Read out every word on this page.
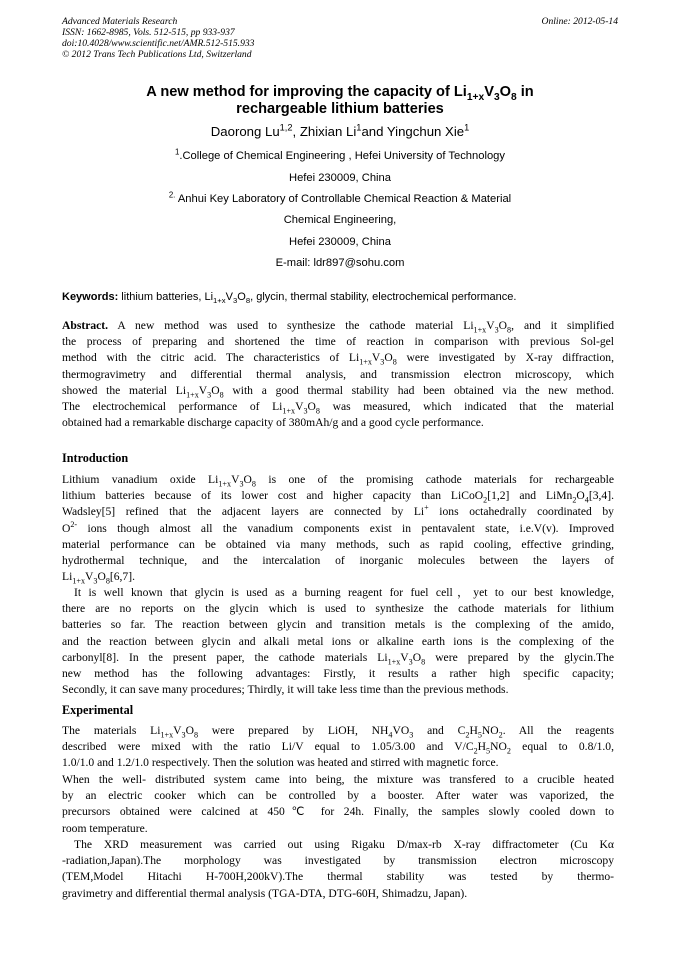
Advanced Materials Research
ISSN: 1662-8985, Vols. 512-515, pp 933-937
doi:10.4028/www.scientific.net/AMR.512-515.933
© 2012 Trans Tech Publications Ltd, Switzerland
Online: 2012-05-14
A new method for improving the capacity of $Li_{1+x}V_3O_8$ in
rechargeable lithium batteries
Daorong Lu$^{1,2}$, Zhixian Li$^1$and Yingchun Xie$^1$
$^1$.College of Chemical Engineering , Hefei University of Technology
Hefei 230009, China
$^{2.}$ Anhui Key Laboratory of Controllable Chemical Reaction & Material
Chemical Engineering,
Hefei 230009, China
E-mail: ldr897@sohu.com
Keywords: lithium batteries, $Li_{1+x}V_3O_8$, glycin, thermal stability, electrochemical performance.
Abstract. A new method was used to synthesize the cathode material $Li_{1+x}V_3O_8$, and it simplified
the process of preparing and shortened the time of reaction in comparison with previous Sol-gel
method with the citric acid. The characteristics of $Li_{1+x}V_3O_8$ were investigated by X-ray diffraction,
thermogravimetry and differential thermal analysis, and transmission electron microscopy, which
showed the material $Li_{1+x}V_3O_8$ with a good thermal stability had been obtained via the new method.
The electrochemical performance of $Li_{1+x}V_3O_8$ was measured, which indicated that the material
obtained had a remarkable discharge capacity of 380mAh/g and a good cycle performance.
Introduction
Lithium vanadium oxide $Li_{1+x}V_3O_8$ is one of the promising cathode materials for rechargeable
lithium batteries because of its lower cost and higher capacity than LiCoO$_2$[1,2] and $LiMn_2O_4[3,4]$.
Wadsley[5] refined that the adjacent layers are connected by Li+ ions octahedrally coordinated by
$O^{2-}$ ions though almost all the vanadium components exist in pentavalent state, i.e.V(v). Improved
material performance can be obtained via many methods, such as rapid cooling, effective grinding,
hydrothermal technique, and the intercalation of inorganic molecules between the layers of
$Li_{1+x}V_3O_8[6,7]$.
It is well known that glycin is used as a burning reagent for fuel cell，yet to our best knowledge,
there are no reports on the glycin which is used to synthesize the cathode materials for lithium
batteries so far. The reaction between glycin and transition metals is the complexing of the amido,
and the reaction between glycin and alkali metal ions or alkaline earth ions is the complexing of the
carbonyl[8]. In the present paper, the cathode materials $Li_{1+x}V_3O_8$ were prepared by the glycin.The
new method has the following advantages: Firstly, it results a rather high specific capacity;
Secondly, it can save many procedures; Thirdly, it will take less time than the previous methods.
Experimental
The materials $Li_{1+x}V_3O_8$ were prepared by LiOH, $NH_4VO_3$ and $C_2H_5NO_2$. All the reagents
described were mixed with the ratio Li/V equal to 1.05/3.00 and $V/C_2H_5NO_2$ equal to 0.8/1.0,
1.0/1.0 and 1.2/1.0 respectively. Then the solution was heated and stirred with magnetic force.
When the well- distributed system came into being, the mixture was transfered to a crucible heated
by an electric cooker which can be controlled by a booster. After water was vaporized, the
precursors obtained were calcined at 450℃ for 24h. Finally, the samples slowly cooled down to
room temperature.
The XRD measurement was carried out using Rigaku D/max-rb X-ray diffractometer (Cu Kα
-radiation,Japan).The morphology was investigated by transmission electron microscopy
(TEM,Model Hitachi H-700H,200kV).The thermal stability was tested by thermo-
gravimetry and differential thermal analysis (TGA-DTA, DTG-60H, Shimadzu, Japan).
